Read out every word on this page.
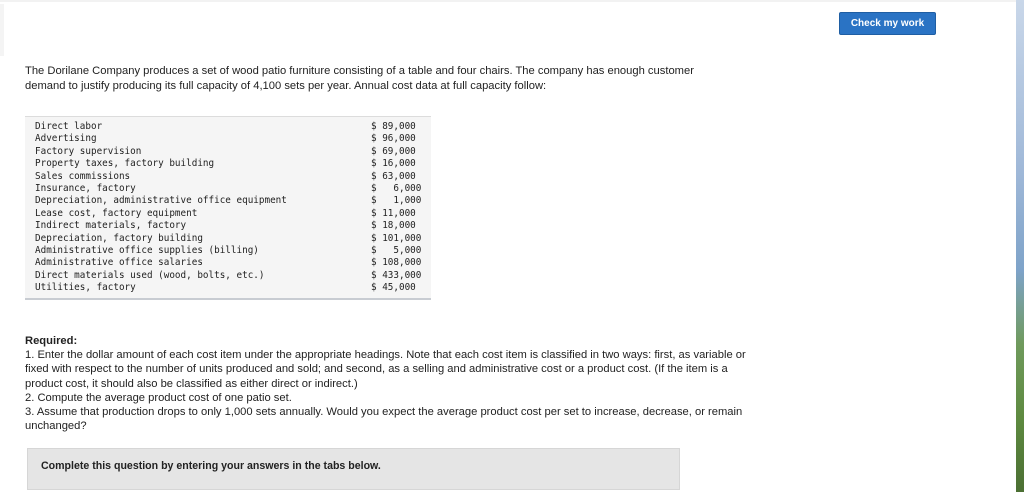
Check my work
The Dorilane Company produces a set of wood patio furniture consisting of a table and four chairs. The company has enough customer demand to justify producing its full capacity of 4,100 sets per year. Annual cost data at full capacity follow:
Direct labor	$ 89,000
Advertising	$ 96,000
Factory supervision	$ 69,000
Property taxes, factory building	$ 16,000
Sales commissions	$ 63,000
Insurance, factory	$   6,000
Depreciation, administrative office equipment	$   1,000
Lease cost, factory equipment	$ 11,000
Indirect materials, factory	$ 18,000
Depreciation, factory building	$ 101,000
Administrative office supplies (billing)	$   5,000
Administrative office salaries	$ 108,000
Direct materials used (wood, bolts, etc.)	$ 433,000
Utilities, factory	$ 45,000
Required:

1. Enter the dollar amount of each cost item under the appropriate headings. Note that each cost item is classified in two ways: first, as variable or fixed with respect to the number of units produced and sold; and second, as a selling and administrative cost or a product cost. (If the item is a product cost, it should also be classified as either direct or indirect.)

2. Compute the average product cost of one patio set.

3. Assume that production drops to only 1,000 sets annually. Would you expect the average product cost per set to increase, decrease, or remain unchanged?

Complete this question by entering your answers in the tabs below.
